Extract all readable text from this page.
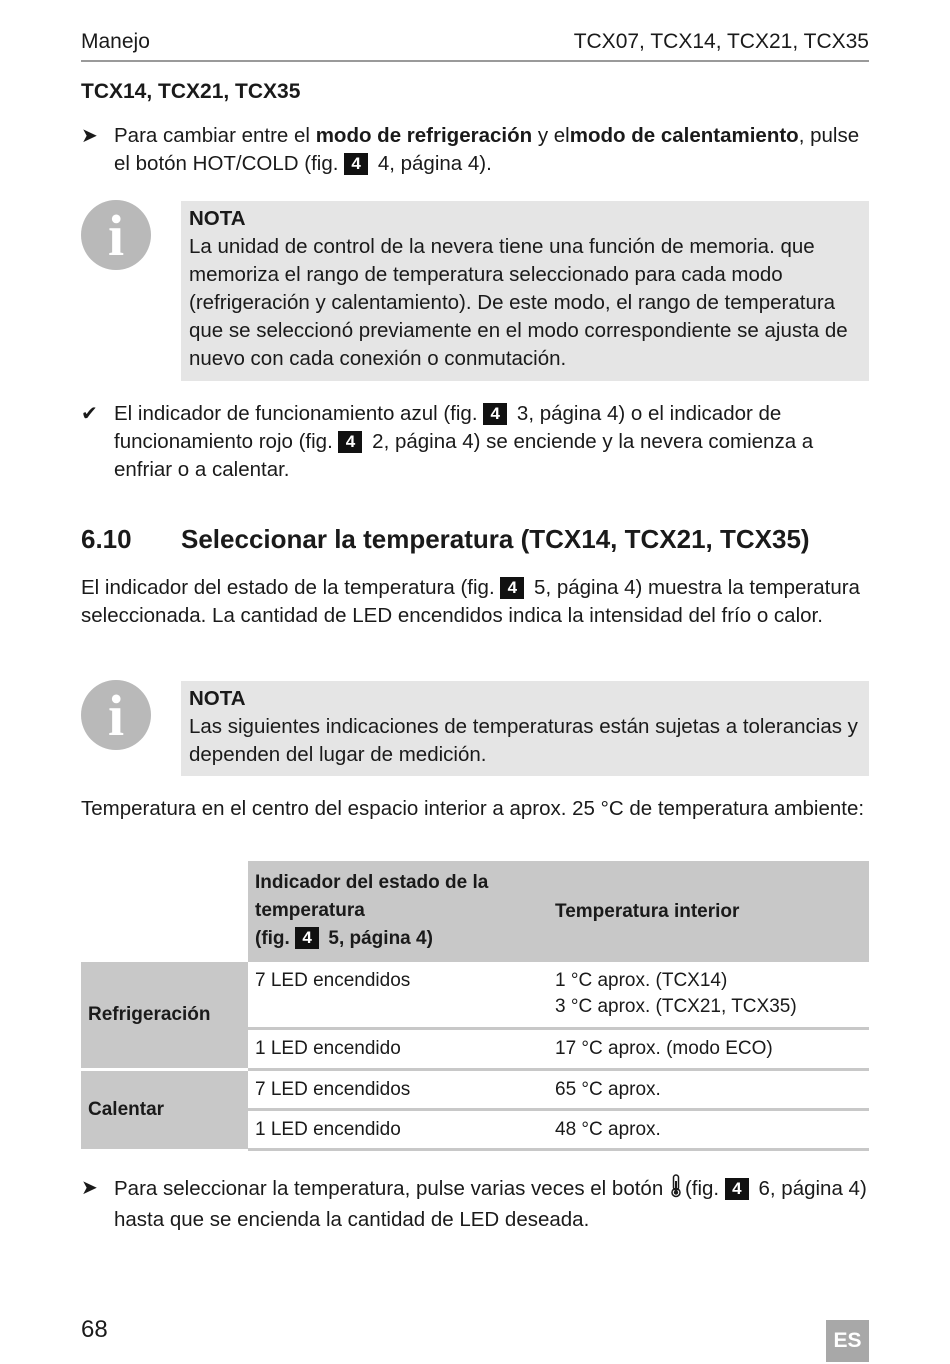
Manejo	TCX07, TCX14, TCX21, TCX35
TCX14, TCX21, TCX35
➤ Para cambiar entre el modo de refrigeración y elmodo de calentamiento, pulse el botón HOT/COLD (fig. 4 4, página 4).
i	NOTA
La unidad de control de la nevera tiene una función de memoria. que memoriza el rango de temperatura seleccionado para cada modo (refrigeración y calentamiento). De este modo, el rango de temperatura que se seleccionó previamente en el modo correspondiente se ajusta de nuevo con cada conexión o conmutación.
✔ El indicador de funcionamiento azul (fig. 4 3, página 4) o el indicador de funcionamiento rojo (fig. 4 2, página 4) se enciende y la nevera comienza a enfriar o a calentar.
6.10 Seleccionar la temperatura (TCX14, TCX21, TCX35)
El indicador del estado de la temperatura (fig. 4 5, página 4) muestra la temperatura seleccionada. La cantidad de LED encendidos indica la intensidad del frío o calor.
i	NOTA
Las siguientes indicaciones de temperaturas están sujetas a tolerancias y dependen del lugar de medición.
Temperatura en el centro del espacio interior a aprox. 25 °C de temperatura ambiente:

	Indicador del estado de la
temperatura
(fig. 4 5, página 4)	Temperatura interior
Refrigeración	7 LED encendidos	1 °C aprox. (TCX14)
3 °C aprox. (TCX21, TCX35)

	1 LED encendido	17 °C aprox. (modo ECO)
Calentar	7 LED encendidos	65 °C aprox.
	1 LED encendido	48 °C aprox.
➤ Para seleccionar la temperatura, pulse varias veces el botón (fig. 4 6, página 4) hasta que se encienda la cantidad de LED deseada.
68	ES
